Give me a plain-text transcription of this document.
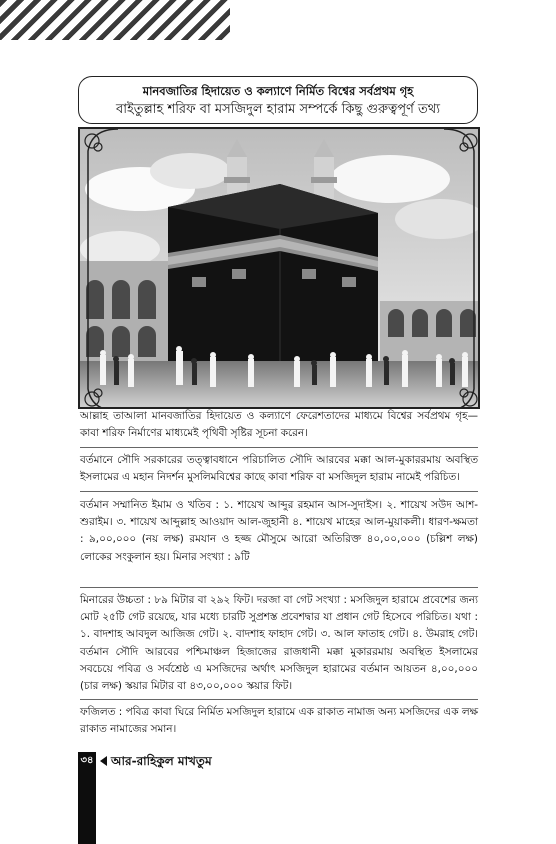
মানবজাতির হিদায়েত ও কল্যাণে নির্মিত বিশ্বের সর্বপ্রথম গৃহ
বাইতুল্লাহ শরিফ বা মসজিদুল হারাম সম্পর্কে কিছু গুরুত্বপূর্ণ তথ্য

আল্লাহ তাআলা মানবজাতির হিদায়েত ও কল্যাণে ফেরেশতাদের মাধ্যমে বিশ্বের সর্বপ্রথম গৃহ—কাবা শরিফ নির্মাণের মাধ্যমেই পৃথিবী সৃষ্টির সূচনা করেন।

বর্তমানে সৌদি সরকারের তত্ত্বাবধানে পরিচালিত সৌদি আরবের মক্কা আল-মুকাররমায় অবস্থিত ইসলামের এ মহান নিদর্শন মুসলিমবিশ্বের কাছে কাবা শরিফ বা মসজিদুল হারাম নামেই পরিচিত।

বর্তমান সম্মানিত ইমাম ও খতিব : ১. শায়েখ আব্দুর রহমান আস-সুদাইস। ২. শায়েখ সউদ আশ-শুরাইম। ৩. শায়েখ আব্দুল্লাহ আওয়াদ আল-জুহানী ৪. শায়েখ মাহের আল-মুয়াকলী। ধারণ-ক্ষমতা : ৯,০০,০০০ (নয় লক্ষ) রমযান ও হজ্জ মৌসুমে আরো অতিরিক্ত ৪০,০০,০০০ (চল্লিশ লক্ষ) লোকের সংকুলান হয়। মিনার সংখ্যা : ৯টি

মিনারের উচ্চতা : ৮৯ মিটার বা ২৯২ ফিট। দরজা বা গেট সংখ্যা : মসজিদুল হারামে প্রবেশের জন্য মোট ২৫টি গেট রয়েছে, যার মধ্যে চারটি সুপ্রশস্ত প্রবেশদ্বার যা প্রধান গেট হিসেবে পরিচিত। যথা : ১. বাদশাহ আবদুল আজিজ গেট। ২. বাদশাহ ফাহাদ গেট। ৩. আল ফাতাহ গেট। ৪. উমরাহ গেট। বর্তমান সৌদি আরবের পশ্চিমাঞ্চল হিজাজের রাজধানী মক্কা মুকাররমায় অবস্থিত ইসলামের সবচেয়ে পবিত্র ও সর্বশ্রেষ্ঠ এ মসজিদের অর্থাৎ মসজিদুল হারামের বর্তমান আয়তন ৪,০০,০০০ (চার লক্ষ) স্কয়ার মিটার বা ৪৩,০০,০০০ স্কয়ার ফিট।

ফজিলত : পবিত্র কাবা ঘিরে নির্মিত মসজিদুল হারামে এক রাকাত নামাজ অন্য মসজিদের এক লক্ষ রাকাত নামাজের সমান।

৩৪ আর-রাহিকুল মাখতুম
